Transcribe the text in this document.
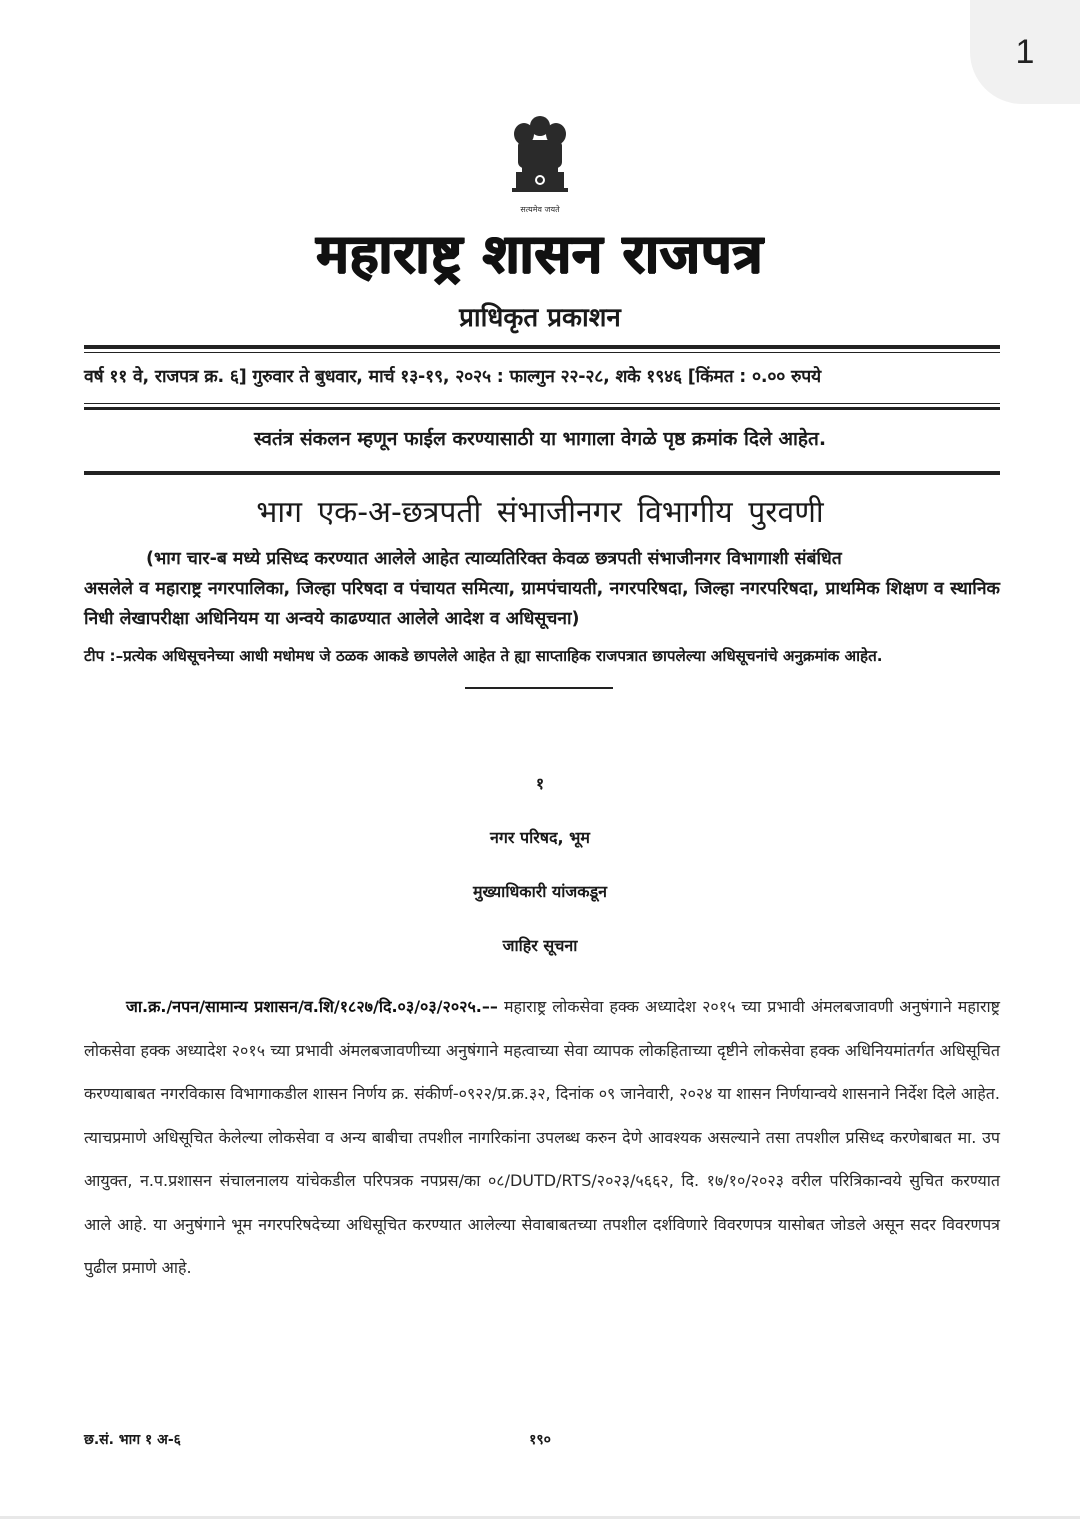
1
सत्यमेव जयते
महाराष्ट्र शासन राजपत्र
प्राधिकृत प्रकाशन
वर्ष ११ वे, राजपत्र क्र. ६] गुरुवार ते बुधवार, मार्च १३-१९, २०२५ : फाल्गुन २२-२८, शके १९४६ [किंमत : ०.०० रुपये
स्वतंत्र संकलन म्हणून फाईल करण्यासाठी या भागाला वेगळे पृष्ठ क्रमांक दिले आहेत.
भाग एक-अ-छत्रपती संभाजीनगर विभागीय पुरवणी
(भाग चार-ब मध्ये प्रसिध्द करण्यात आलेले आहेत त्याव्यतिरिक्त केवळ छत्रपती संभाजीनगर विभागाशी संबंधित
असलेले व महाराष्ट्र नगरपालिका, जिल्हा परिषदा व पंचायत समित्या, ग्रामपंचायती, नगरपरिषदा, जिल्हा नगरपरिषदा, प्राथमिक शिक्षण व स्थानिक निधी लेखापरीक्षा अधिनियम या अन्वये काढण्यात आलेले आदेश व अधिसूचना)
टीप :–प्रत्येक अधिसूचनेच्या आधी मधोमध जे ठळक आकडे छापलेले आहेत ते ह्या साप्ताहिक राजपत्रात छापलेल्या अधिसूचनांचे अनुक्रमांक आहेत.
१
नगर परिषद, भूम
मुख्याधिकारी यांजकडून
जाहिर सूचना
जा.क्र./नपन/सामान्य प्रशासन/व.शि/१८२७/दि.०३/०३/२०२५.–– महाराष्ट्र लोकसेवा हक्क अध्यादेश २०१५ च्या प्रभावी अंमलबजावणी अनुषंगाने महाराष्ट्र लोकसेवा हक्क अध्यादेश २०१५ च्या प्रभावी अंमलबजावणीच्या अनुषंगाने महत्वाच्या सेवा व्यापक लोकहिताच्या दृष्टीने लोकसेवा हक्क अधिनियमांतर्गत अधिसूचित करण्याबाबत नगरविकास विभागाकडील शासन निर्णय क्र. संकीर्ण-०९२२/प्र.क्र.३२, दिनांक ०९ जानेवारी, २०२४ या शासन निर्णयान्वये शासनाने निर्देश दिले आहेत. त्याचप्रमाणे अधिसूचित केलेल्या लोकसेवा व अन्य बाबीचा तपशील नागरिकांना उपलब्ध करुन देणे आवश्यक असल्याने तसा तपशील प्रसिध्द करणेबाबत मा. उप आयुक्त, न.प.प्रशासन संचालनालय यांचेकडील परिपत्रक नपप्रस/का ०८/DUTD/RTS/२०२३/५६६२, दि. १७/१०/२०२३ वरील परित्रिकान्वये सुचित करण्यात आले आहे. या अनुषंगाने भूम नगरपरिषदेच्या अधिसूचित करण्यात आलेल्या सेवाबाबतच्या तपशील दर्शविणारे विवरणपत्र यासोबत जोडले असून सदर विवरणपत्र पुढील प्रमाणे आहे.
छ.सं. भाग १ अ-६	१९०
